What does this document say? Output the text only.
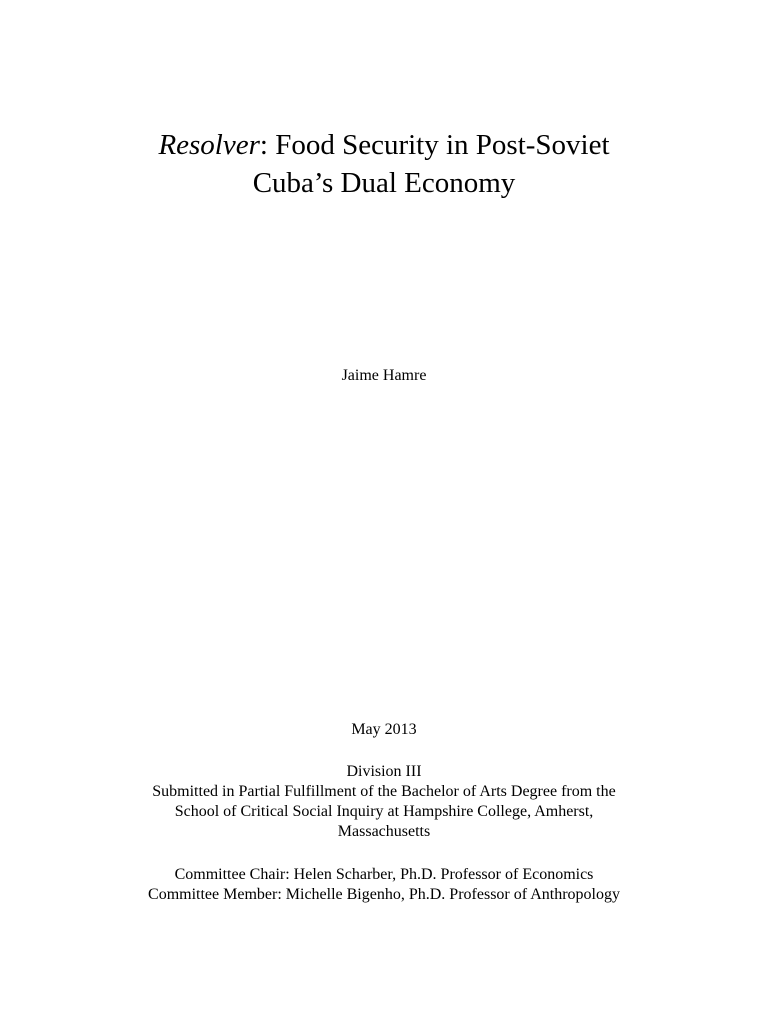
Resolver: Food Security in Post-Soviet
Cuba’s Dual Economy
Jaime Hamre
May 2013
Division III
Submitted in Partial Fulfillment of the Bachelor of Arts Degree from the
School of Critical Social Inquiry at Hampshire College, Amherst,
Massachusetts
Committee Chair: Helen Scharber, Ph.D. Professor of Economics
Committee Member: Michelle Bigenho, Ph.D. Professor of Anthropology
